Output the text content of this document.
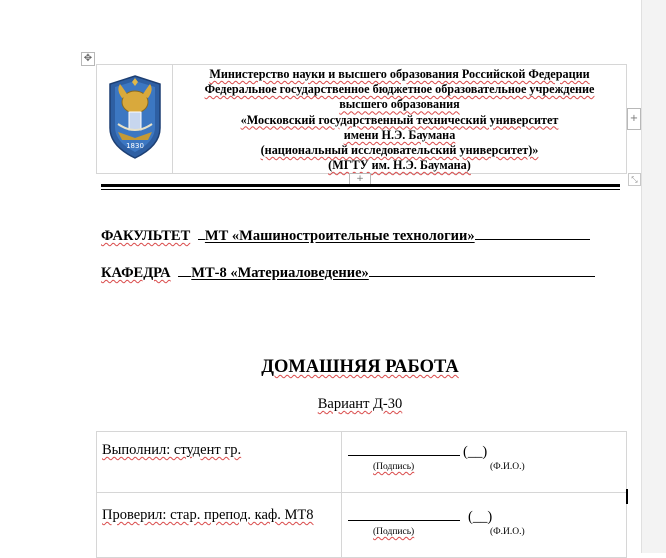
✥
1830

Министерство науки и высшего образования Российской Федерации
Федеральное государственное бюджетное образовательное учреждение
высшего образования
«Московский государственный технический университет
имени Н.Э. Баумана
(национальный исследовательский университет)»
(МГТУ им. Н.Э. Баумана)
+
+	⤡
ФАКУЛЬТЕТ МТ «Машиностроительные технологии»
КАФЕДРА МТ-8 «Материаловедение»
ДОМАШНЯЯ РАБОТА
Вариант Д-30
Выполнил: студент гр.	(__)
(Подпись) (Ф.И.О.)

Проверил: стар. препод. каф. МТ8	(__)
(Подпись) (Ф.И.О.)
